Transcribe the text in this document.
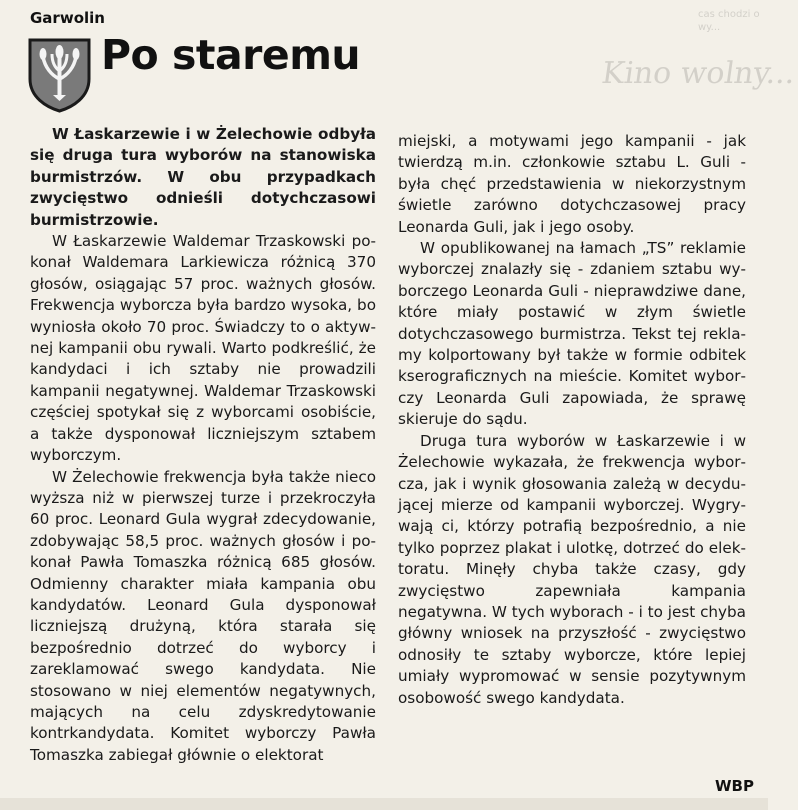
cas chodzi o wy...
Kino wolny...
Garwolin
Po staremu

W Łaskarzewie i w Żelechowie odbyła się druga tura wyborów na stanowiska burmistrzów. W obu przypadkach zwycięstwo odnieśli dotychczasowi burmistrzowie.

W Łaskarzewie Waldemar Trzaskowski pokonał Waldemara Larkiewicza różnicą 370 głosów, osiągając 57 proc. ważnych głosów. Frekwencja wyborcza była bardzo wysoka, bo wyniosła około 70 proc. Świadczy to o aktywnej kampanii obu rywali. Warto podkreślić, że kandydaci i ich sztaby nie prowadzili kampanii negatywnej. Waldemar Trzaskowski częściej spotykał się z wyborcami osobiście, a także dysponował liczniejszym sztabem wyborczym.

W Żelechowie frekwencja była także nieco wyższa niż w pierwszej turze i przekroczyła 60 proc. Leonard Gula wygrał zdecydowanie, zdobywając 58,5 proc. ważnych głosów i pokonał Pawła Tomaszka różnicą 685 głosów. Odmienny charakter miała kampania obu kandydatów. Leonard Gula dysponował liczniejszą drużyną, która starała się bezpośrednio dotrzeć do wyborcy i zareklamować swego kandydata. Nie stosowano w niej elementów negatywnych, mających na celu zdyskredytowanie kontrkandydata. Komitet wyborczy Pawła Tomaszka zabiegał głównie o elektorat

miejski, a motywami jego kampanii - jak twierdzą m.in. członkowie sztabu L. Guli - była chęć przedstawienia w niekorzystnym świetle zarówno dotychczasowej pracy Leonarda Guli, jak i jego osoby.

W opublikowanej na łamach „TS” reklamie wyborczej znalazły się - zdaniem sztabu wyborczego Leonarda Guli - nieprawdziwe dane, które miały postawić w złym świetle dotychczasowego burmistrza. Tekst tej reklamy kolportowany był także w formie odbitek kserograficznych na mieście. Komitet wyborczy Leonarda Guli zapowiada, że sprawę skieruje do sądu.

Druga tura wyborów w Łaskarzewie i w Żelechowie wykazała, że frekwencja wyborcza, jak i wynik głosowania zależą w decydującej mierze od kampanii wyborczej. Wygrywają ci, którzy potrafią bezpośrednio, a nie tylko poprzez plakat i ulotkę, dotrzeć do elektoratu. Minęły chyba także czasy, gdy zwycięstwo zapewniała kampania negatywna. W tych wyborach - i to jest chyba główny wniosek na przyszłość - zwycięstwo odnosiły te sztaby wyborcze, które lepiej umiały wypromować w sensie pozytywnym osobowość swego kandydata.

WBP
